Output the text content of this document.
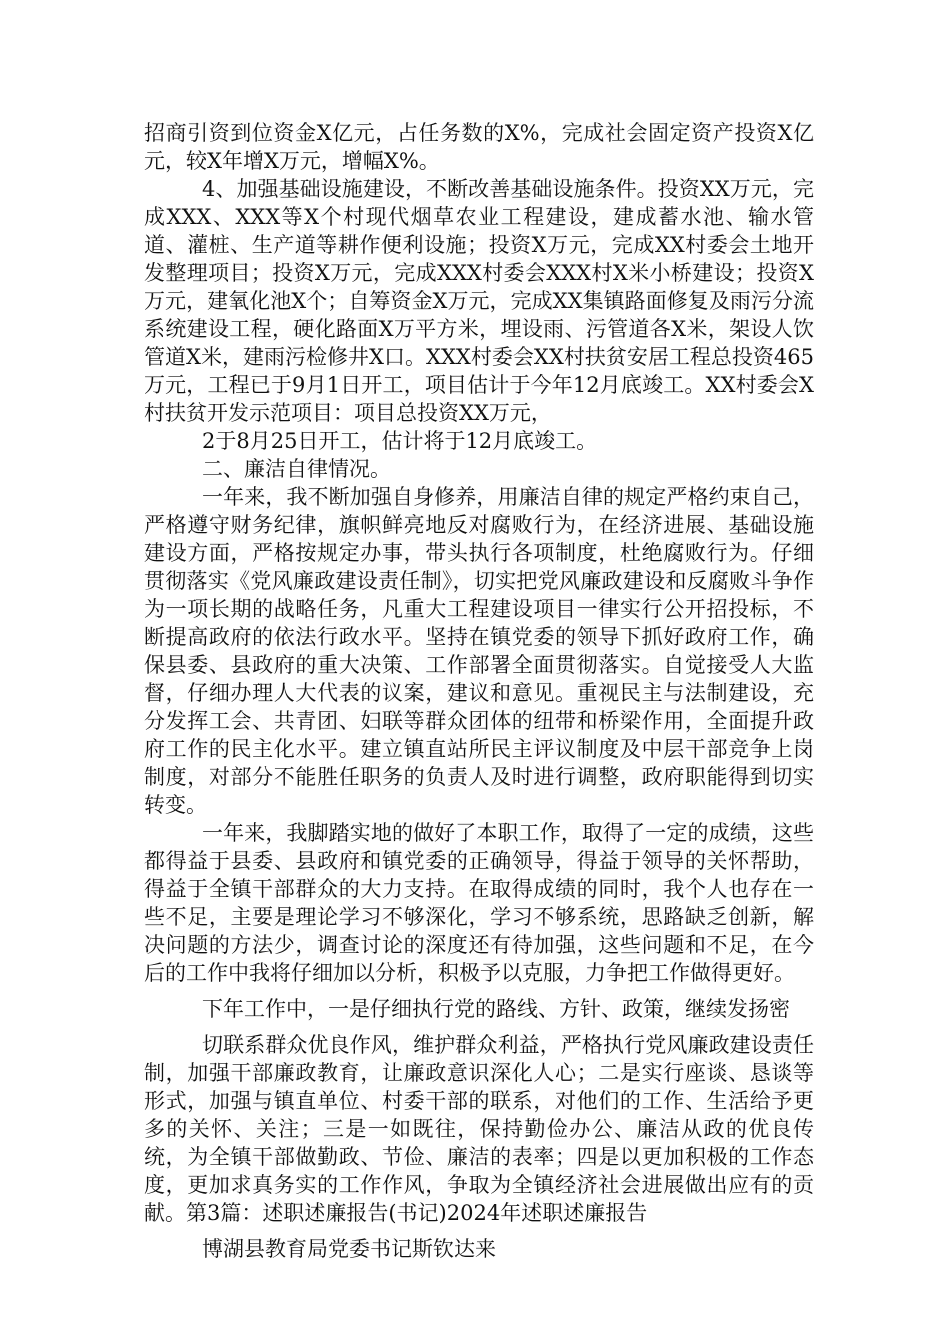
招商引资到位资金X亿元，占任务数的X%，完成社会固定资产投资X亿元，较X年增X万元，增幅X%。

4、加强基础设施建设，不断改善基础设施条件。投资XX万元，完成XXX、XXX等X个村现代烟草农业工程建设，建成蓄水池、输水管道、灌桩、生产道等耕作便利设施；投资X万元，完成XX村委会土地开发整理项目；投资X万元，完成XXX村委会XXX村X米小桥建设；投资X万元，建氧化池X个；自筹资金X万元，完成XX集镇路面修复及雨污分流系统建设工程，硬化路面X万平方米，埋设雨、污管道各X米，架设人饮管道X米，建雨污检修井X口。XXX村委会XX村扶贫安居工程总投资465万元，工程已于9月1日开工，项目估计于今年12月底竣工。XX村委会X村扶贫开发示范项目：项目总投资XX万元，

2于8月25日开工，估计将于12月底竣工。

二、廉洁自律情况。

一年来，我不断加强自身修养，用廉洁自律的规定严格约束自己，严格遵守财务纪律，旗帜鲜亮地反对腐败行为，在经济进展、基础设施建设方面，严格按规定办事，带头执行各项制度，杜绝腐败行为。仔细贯彻落实《党风廉政建设责任制》，切实把党风廉政建设和反腐败斗争作为一项长期的战略任务，凡重大工程建设项目一律实行公开招投标，不断提高政府的依法行政水平。坚持在镇党委的领导下抓好政府工作，确保县委、县政府的重大决策、工作部署全面贯彻落实。自觉接受人大监督，仔细办理人大代表的议案，建议和意见。重视民主与法制建设，充分发挥工会、共青团、妇联等群众团体的纽带和桥梁作用，全面提升政府工作的民主化水平。建立镇直站所民主评议制度及中层干部竞争上岗制度，对部分不能胜任职务的负责人及时进行调整，政府职能得到切实转变。

一年来，我脚踏实地的做好了本职工作，取得了一定的成绩，这些都得益于县委、县政府和镇党委的正确领导，得益于领导的关怀帮助，得益于全镇干部群众的大力支持。在取得成绩的同时，我个人也存在一些不足，主要是理论学习不够深化，学习不够系统，思路缺乏创新，解决问题的方法少，调查讨论的深度还有待加强，这些问题和不足，在今后的工作中我将仔细加以分析，积极予以克服，力争把工作做得更好。

下年工作中，一是仔细执行党的路线、方针、政策，继续发扬密

切联系群众优良作风，维护群众利益，严格执行党风廉政建设责任制，加强干部廉政教育，让廉政意识深化人心；二是实行座谈、恳谈等形式，加强与镇直单位、村委干部的联系，对他们的工作、生活给予更多的关怀、关注；三是一如既往，保持勤俭办公、廉洁从政的优良传统，为全镇干部做勤政、节俭、廉洁的表率；四是以更加积极的工作态度，更加求真务实的工作作风，争取为全镇经济社会进展做出应有的贡献。第3篇：述职述廉报告(书记)2024年述职述廉报告

博湖县教育局党委书记斯钦达来
